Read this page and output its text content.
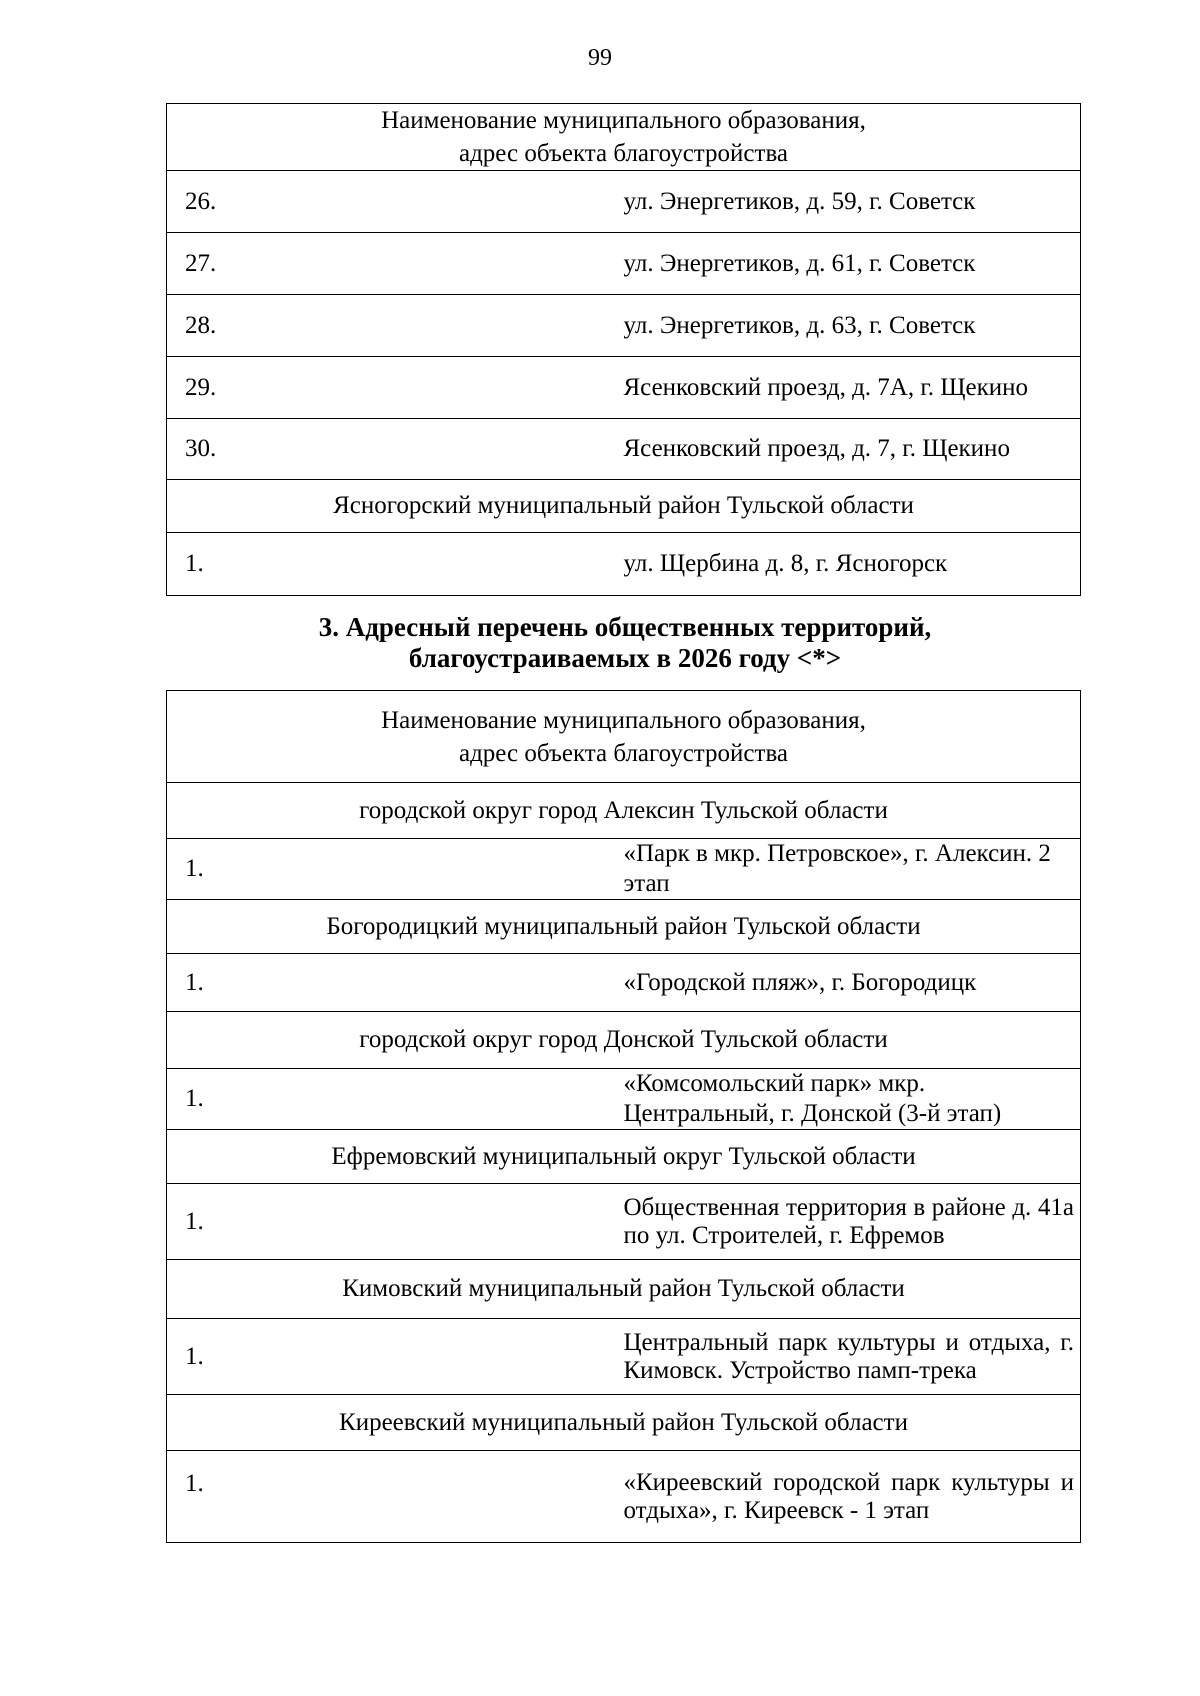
99
Наименование муниципального образования,
адрес объекта благоустройства	

26.	ул. Энергетиков, д. 59, г. Советск
27.	ул. Энергетиков, д. 61, г. Советск
28.	ул. Энергетиков, д. 63, г. Советск
29.	Ясенковский проезд, д. 7А, г. Щекино
30.	Ясенковский проезд, д. 7, г. Щекино
Ясногорский муниципальный район Тульской области	
1.	ул. Щербина д. 8, г. Ясногорск
3. Адресный перечень общественных территорий,
благоустраиваемых в 2026 году <*>
Наименование муниципального образования,
адрес объекта благоустройства	

городской округ город Алексин Тульской области	
1.	«Парк в мкр. Петровское», г. Алексин. 2 этап
Богородицкий муниципальный район Тульской области	
1.	«Городской пляж», г. Богородицк
городской округ город Донской Тульской области	
1.	«Комсомольский парк» мкр. Центральный, г. Донской (3-й этап)
Ефремовский муниципальный округ Тульской области	
1.	Общественная территория в районе д. 41а по ул. Строителей, г. Ефремов
Кимовский муниципальный район Тульской области	
1.	Центральный парк культуры и отдыха, г. Кимовск. Устройство памп-трека
Киреевский муниципальный район Тульской области	
1.	«Киреевский городской парк культуры и отдыха», г. Киреевск - 1 этап
